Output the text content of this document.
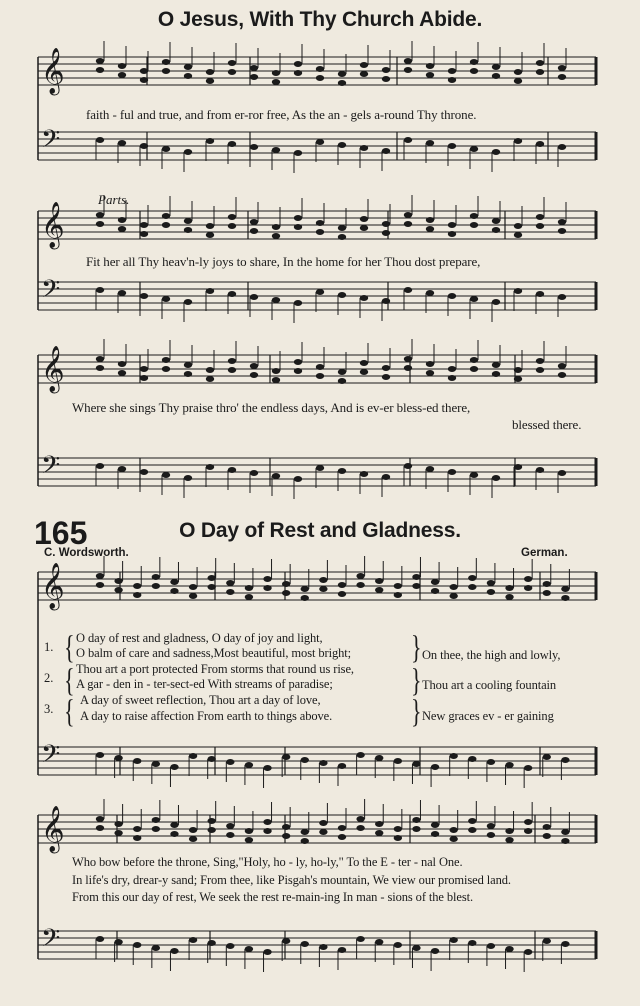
𝄞
𝄢
𝄞
𝄢
𝄞
𝄢
𝄞
𝄢
𝄞
𝄢
O Jesus, With Thy Church Abide.
faith - ful and true, and from er-ror free, As the an - gels a-round Thy throne.
Parts.
Fit her all Thy heav'n-ly joys to share, In the home for her Thou dost prepare,
Where she sings Thy praise thro' the endless days, And is ev-er bless-ed there,
blessed there.
165	O Day of Rest and Gladness.
C. Wordsworth.	German.
1.
2.
3.
{
{
{
}
}
}
O day of rest and gladness, O day of joy and light,
O balm of care and sadness,Most beautiful, most bright;
Thou art a port protected From storms that round us rise,
A gar - den in - ter-sect-ed With streams of paradise;
A day of sweet reflection, Thou art a day of love,
A day to raise affection From earth to things above.
On thee, the high and lowly,
Thou art a cooling fountain
New graces ev - er gaining
Who bow before the throne, Sing,"Holy, ho - ly, ho-ly," To the E - ter - nal One.
In life's dry, drear-y sand; From thee, like Pisgah's mountain, We view our promised land.
From this our day of rest, We seek the rest re-main-ing In man - sions of the blest.
